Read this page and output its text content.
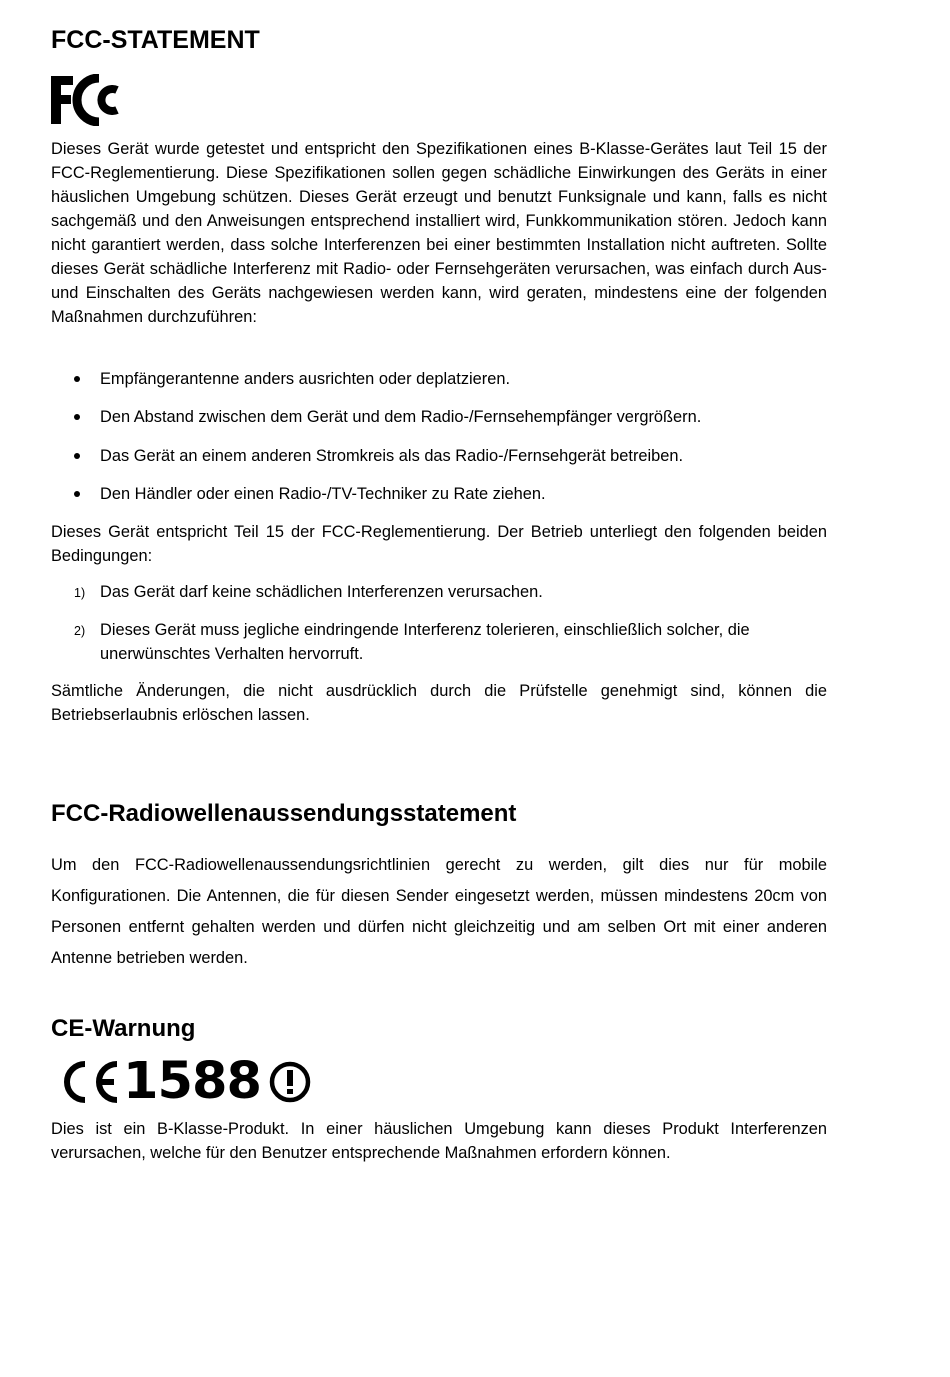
FCC-STATEMENT

Dieses Gerät wurde getestet und entspricht den Spezifikationen eines B-Klasse-Gerätes laut Teil 15 der FCC-Reglementierung. Diese Spezifikationen sollen gegen schädliche Einwirkungen des Geräts in einer häuslichen Umgebung schützen. Dieses Gerät erzeugt und benutzt Funksignale und kann, falls es nicht sachgemäß und den Anweisungen entsprechend installiert wird, Funkkommunikation stören. Jedoch kann nicht garantiert werden, dass solche Interferenzen bei einer bestimmten Installation nicht auftreten. Sollte dieses Gerät schädliche Interferenz mit Radio- oder Fernsehgeräten verursachen, was einfach durch Aus- und Einschalten des Geräts nachgewiesen werden kann, wird geraten, mindestens eine der folgenden Maßnahmen durchzuführen:

Empfängerantenne anders ausrichten oder deplatzieren.
Den Abstand zwischen dem Gerät und dem Radio-/Fernsehempfänger vergrößern.
Das Gerät an einem anderen Stromkreis als das Radio-/Fernsehgerät betreiben.
Den Händler oder einen Radio-/TV-Techniker zu Rate ziehen.

Dieses Gerät entspricht Teil 15 der FCC-Reglementierung. Der Betrieb unterliegt den folgenden beiden Bedingungen:

1) Das Gerät darf keine schädlichen Interferenzen verursachen.
2) Dieses Gerät muss jegliche eindringende Interferenz tolerieren, einschließlich solcher, die unerwünschtes Verhalten hervorruft.

Sämtliche Änderungen, die nicht ausdrücklich durch die Prüfstelle genehmigt sind, können die Betriebserlaubnis erlöschen lassen.

FCC-Radiowellenaussendungsstatement

Um den FCC-Radiowellenaussendungsrichtlinien gerecht zu werden, gilt dies nur für mobile Konfigurationen. Die Antennen, die für diesen Sender eingesetzt werden, müssen mindestens 20cm von Personen entfernt gehalten werden und dürfen nicht gleichzeitig und am selben Ort mit einer anderen Antenne betrieben werden.

CE-Warnung
1588

Dies ist ein B-Klasse-Produkt. In einer häuslichen Umgebung kann dieses Produkt Interferenzen verursachen, welche für den Benutzer entsprechende Maßnahmen erfordern können.
